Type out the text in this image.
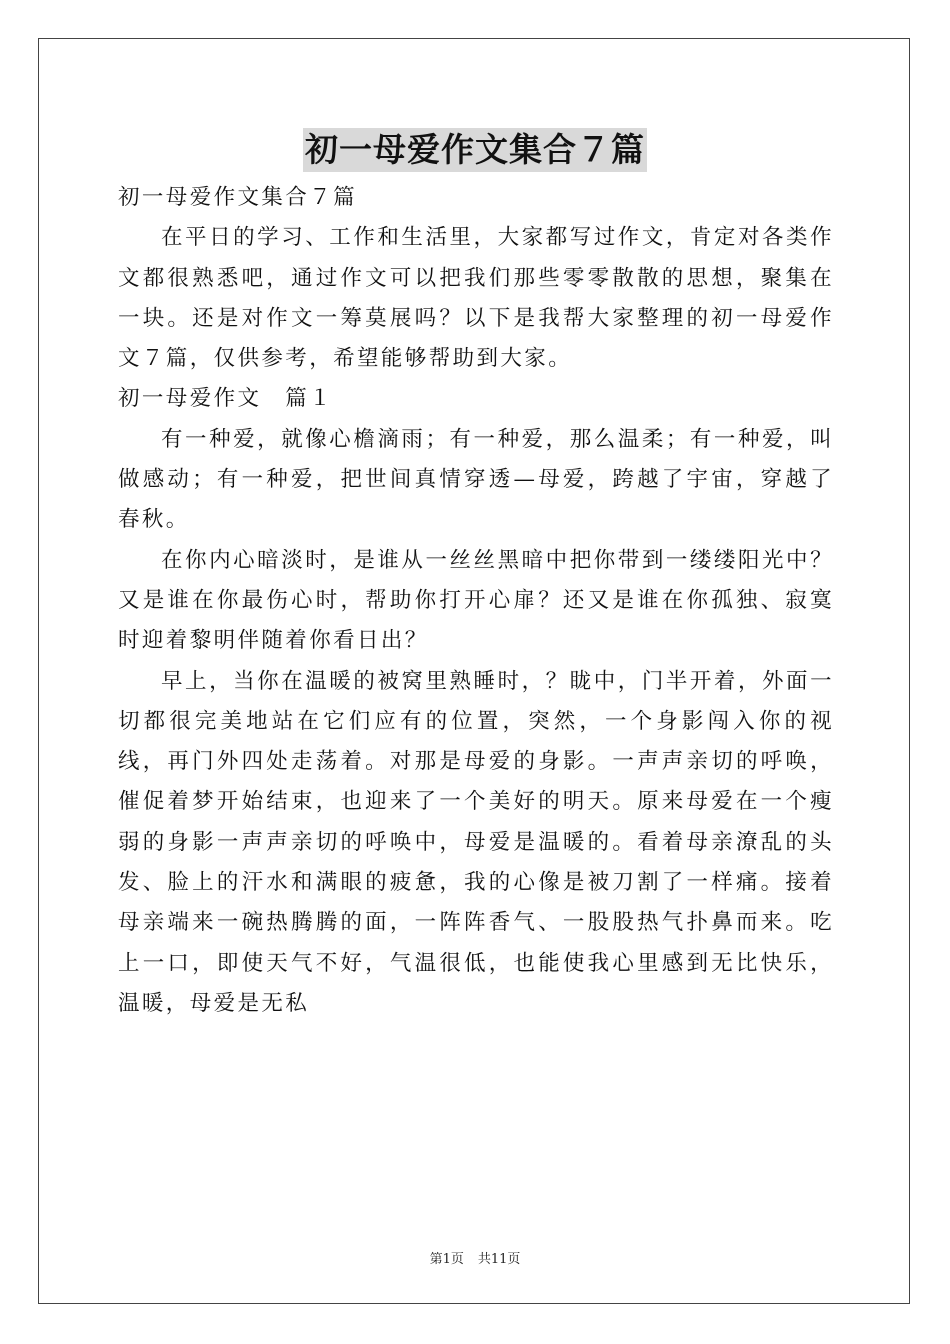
初一母爱作文集合７篇

初一母爱作文集合７篇

在平日的学习、工作和生活里，大家都写过作文，肯定对各类作文都很熟悉吧，通过作文可以把我们那些零零散散的思想，聚集在一块。还是对作文一筹莫展吗？以下是我帮大家整理的初一母爱作文７篇，仅供参考，希望能够帮助到大家。

初一母爱作文　篇１

有一种爱，就像心檐滴雨；有一种爱，那么温柔；有一种爱，叫做感动；有一种爱，把世间真情穿透—母爱，跨越了宇宙，穿越了春秋。

在你内心暗淡时，是谁从一丝丝黑暗中把你带到一缕缕阳光中？又是谁在你最伤心时，帮助你打开心扉？还又是谁在你孤独、寂寞时迎着黎明伴随着你看日出？

早上，当你在温暖的被窝里熟睡时，？眬中，门半开着，外面一切都很完美地站在它们应有的位置，突然，一个身影闯入你的视线，再门外四处走荡着。对那是母爱的身影。一声声亲切的呼唤，催促着梦开始结束，也迎来了一个美好的明天。原来母爱在一个瘦弱的身影一声声亲切的呼唤中，母爱是温暖的。看着母亲潦乱的头发、脸上的汗水和满眼的疲惫，我的心像是被刀割了一样痛。接着母亲端来一碗热腾腾的面，一阵阵香气、一股股热气扑鼻而来。吃上一口，即使天气不好，气温很低，也能使我心里感到无比快乐，温暖，母爱是无私

第1页 共11页
